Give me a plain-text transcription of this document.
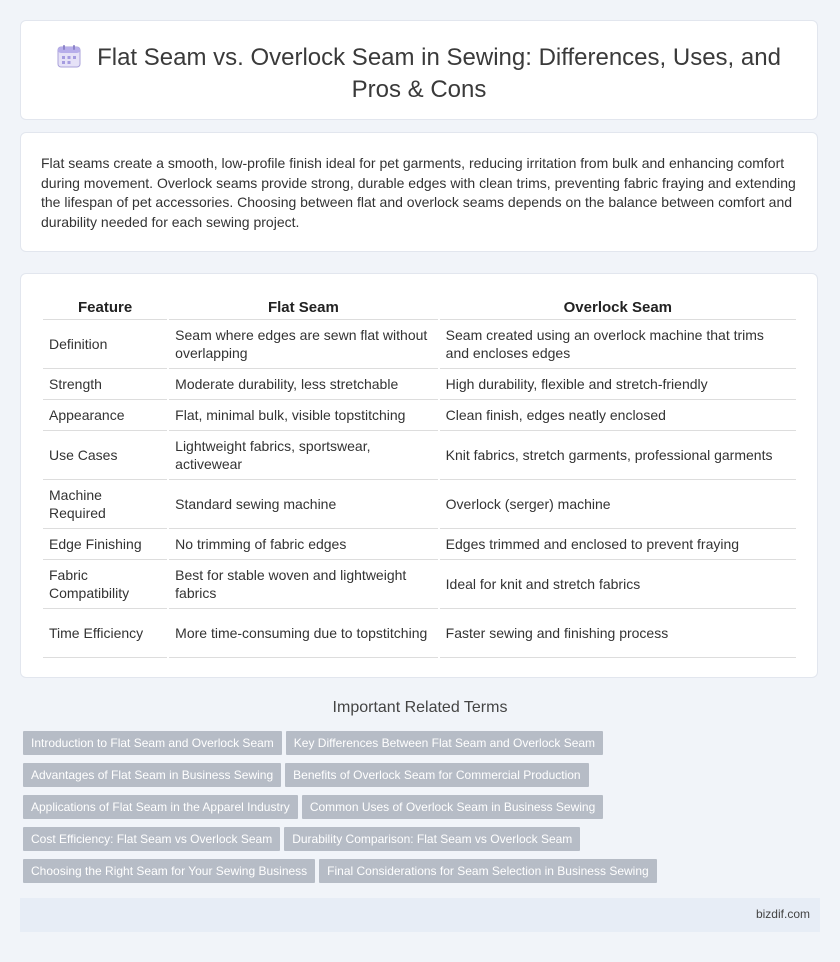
Flat Seam vs. Overlock Seam in Sewing: Differences, Uses, and Pros & Cons
Flat seams create a smooth, low-profile finish ideal for pet garments, reducing irritation from bulk and enhancing comfort during movement. Overlock seams provide strong, durable edges with clean trims, preventing fabric fraying and extending the lifespan of pet accessories. Choosing between flat and overlock seams depends on the balance between comfort and durability needed for each sewing project.
Feature	Flat Seam	Overlock Seam
Definition	Seam where edges are sewn flat without overlapping	Seam created using an overlock machine that trims and encloses edges
Strength	Moderate durability, less stretchable	High durability, flexible and stretch-friendly
Appearance	Flat, minimal bulk, visible topstitching	Clean finish, edges neatly enclosed
Use Cases	Lightweight fabrics, sportswear, activewear	Knit fabrics, stretch garments, professional garments
Machine Required	Standard sewing machine	Overlock (serger) machine
Edge Finishing	No trimming of fabric edges	Edges trimmed and enclosed to prevent fraying
Fabric Compatibility	Best for stable woven and lightweight fabrics	Ideal for knit and stretch fabrics
Time Efficiency	More time-consuming due to topstitching	Faster sewing and finishing process
Important Related Terms
Introduction to Flat Seam and Overlock Seam Key Differences Between Flat Seam and Overlock Seam
Advantages of Flat Seam in Business Sewing Benefits of Overlock Seam for Commercial Production
Applications of Flat Seam in the Apparel Industry Common Uses of Overlock Seam in Business Sewing
Cost Efficiency: Flat Seam vs Overlock Seam Durability Comparison: Flat Seam vs Overlock Seam
Choosing the Right Seam for Your Sewing Business Final Considerations for Seam Selection in Business Sewing
bizdif.com
